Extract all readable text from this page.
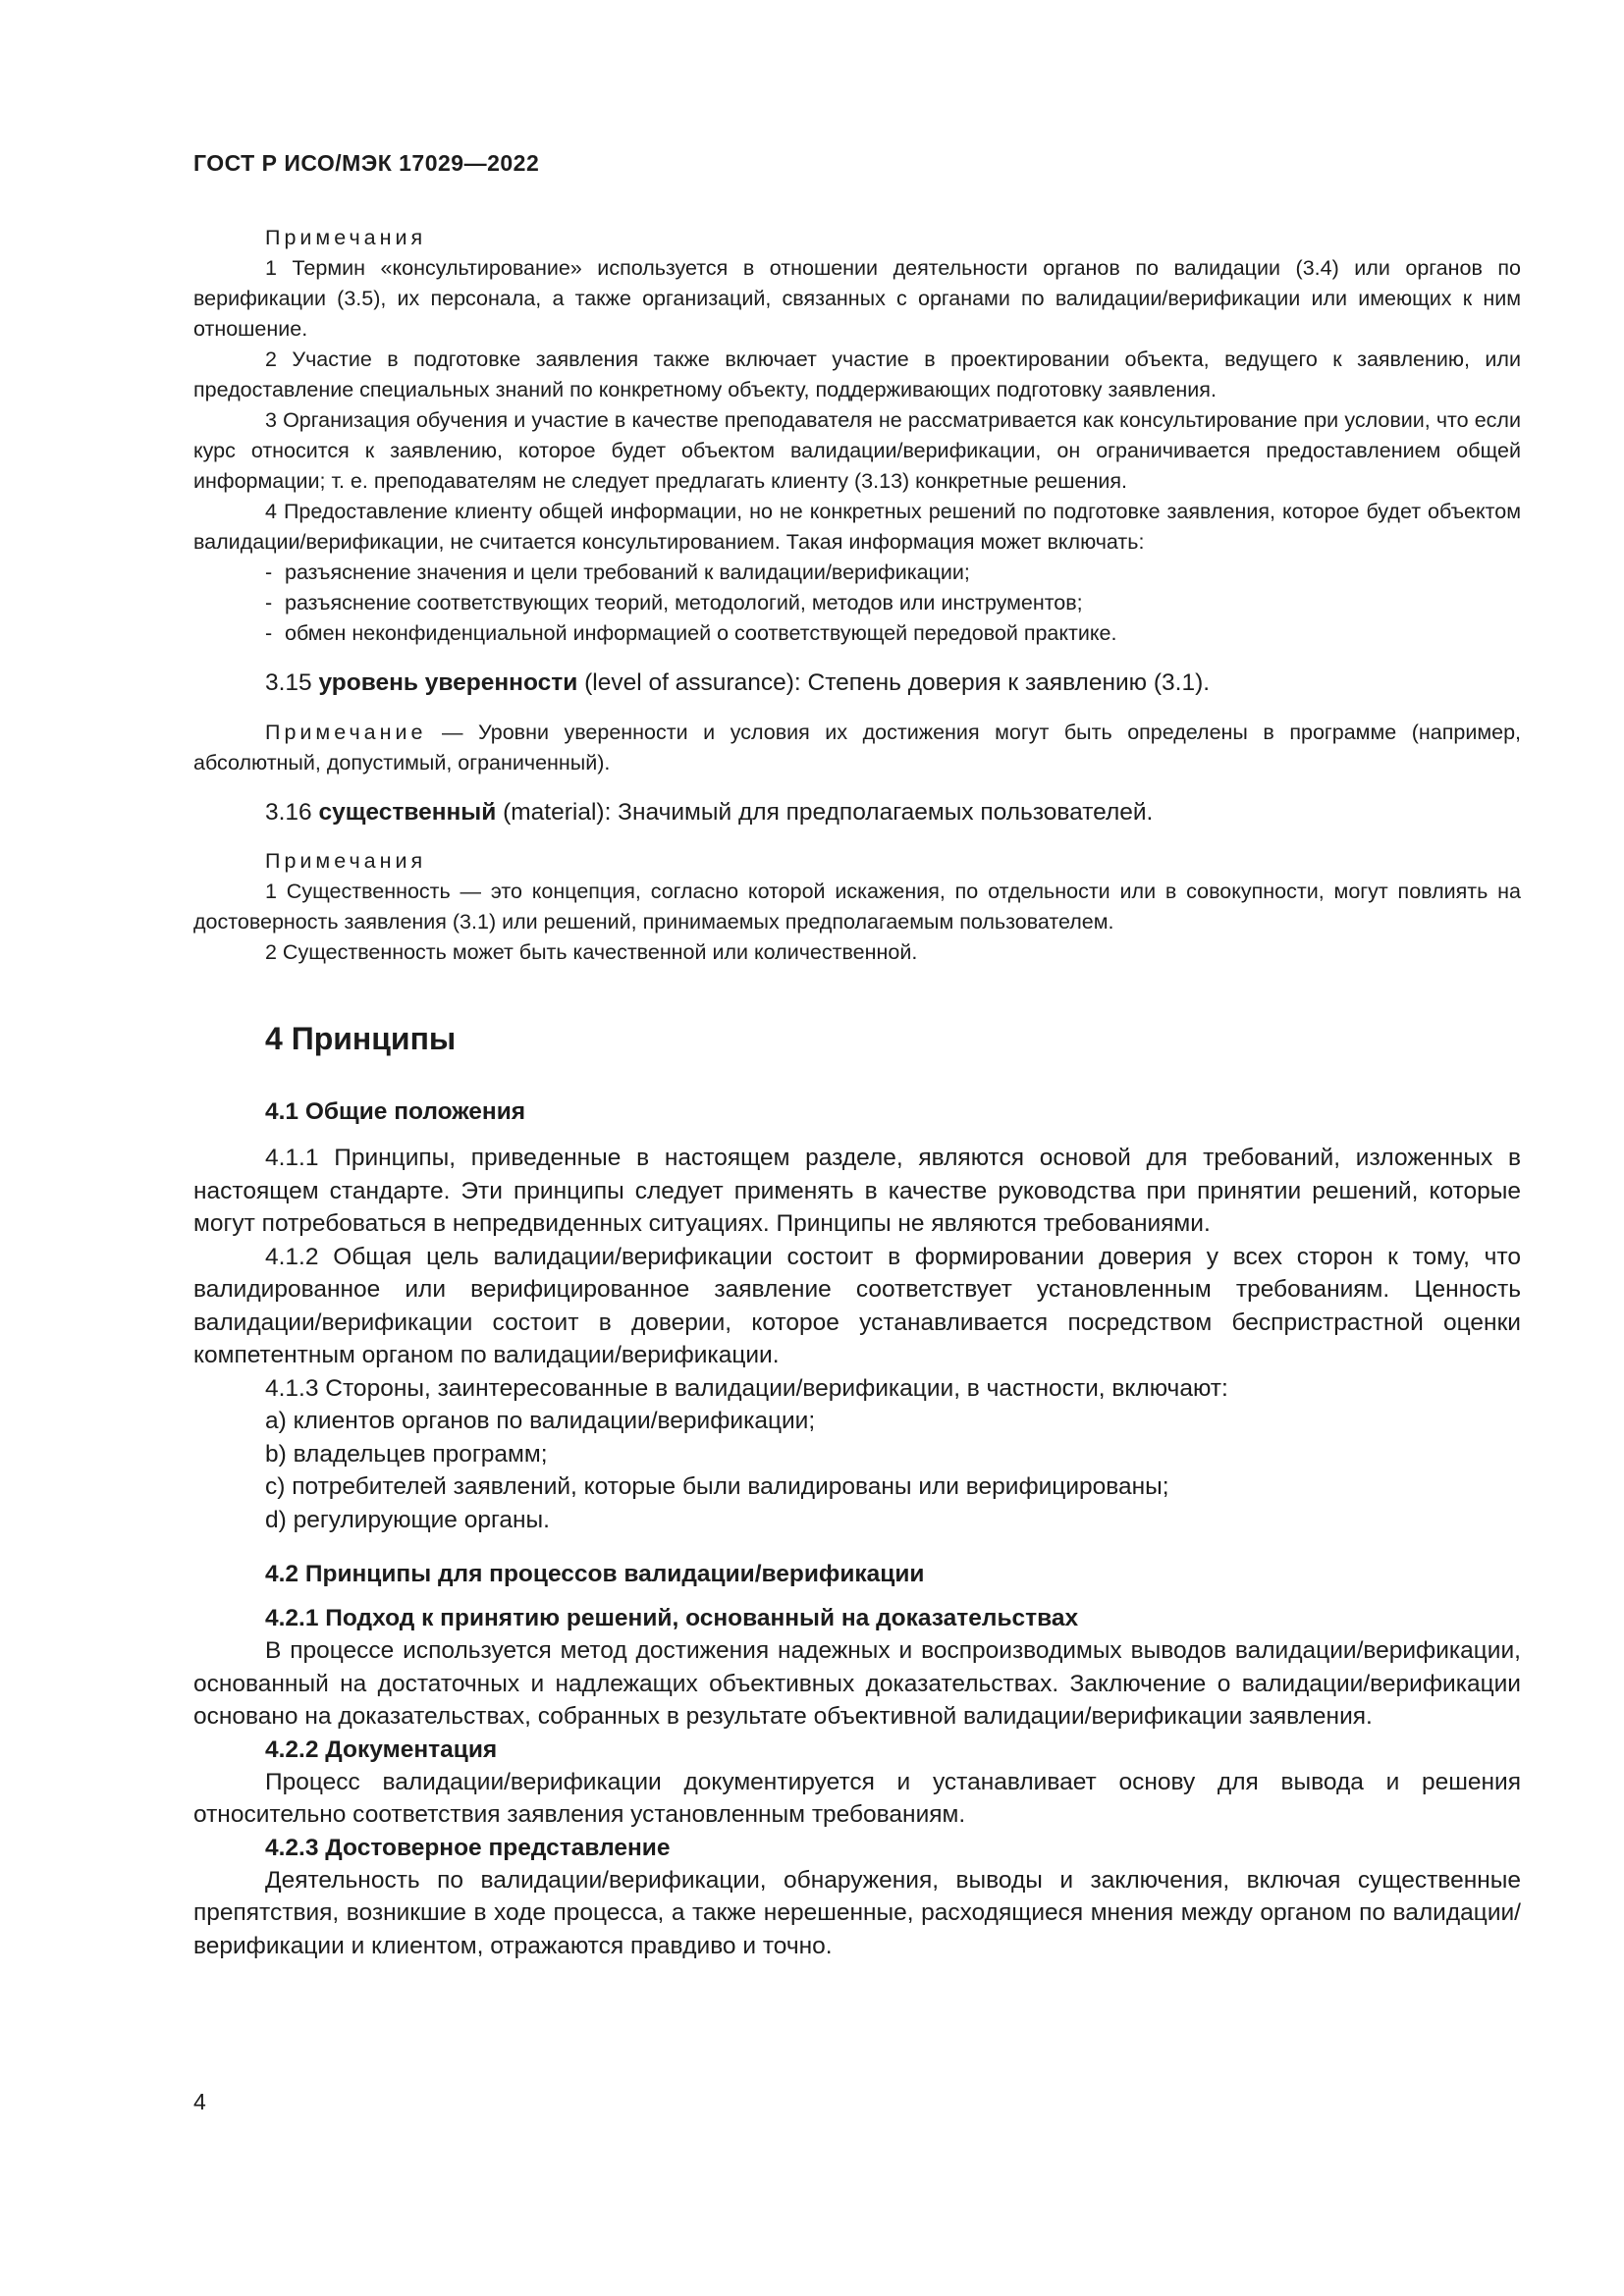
ГОСТ Р ИСО/МЭК 17029—2022

Примечания

1 Термин «консультирование» используется в отношении деятельности органов по валидации (3.4) или органов по верификации (3.5), их персонала, а также организаций, связанных с органами по валидации/верификации или имеющих к ним отношение.

2 Участие в подготовке заявления также включает участие в проектировании объекта, ведущего к заявлению, или предоставление специальных знаний по конкретному объекту, поддерживающих подготовку заявления.

3 Организация обучения и участие в качестве преподавателя не рассматривается как консультирование при условии, что если курс относится к заявлению, которое будет объектом валидации/верификации, он ограничивается предоставлением общей информации; т. е. преподавателям не следует предлагать клиенту (3.13) конкретные решения.

4 Предоставление клиенту общей информации, но не конкретных решений по подготовке заявления, которое будет объектом валидации/верификации, не считается консультированием. Такая информация может включать:

- разъяснение значения и цели требований к валидации/верификации;

- разъяснение соответствующих теорий, методологий, методов или инструментов;

- обмен неконфиденциальной информацией о соответствующей передовой практике.

3.15 уровень уверенности (level of assurance): Степень доверия к заявлению (3.1).

Примечание — Уровни уверенности и условия их достижения могут быть определены в программе (например, абсолютный, допустимый, ограниченный).

3.16 существенный (material): Значимый для предполагаемых пользователей.

Примечания

1 Существенность — это концепция, согласно которой искажения, по отдельности или в совокупности, могут повлиять на достоверность заявления (3.1) или решений, принимаемых предполагаемым пользователем.

2 Существенность может быть качественной или количественной.

4 Принципы
4.1 Общие положения

4.1.1 Принципы, приведенные в настоящем разделе, являются основой для требований, изложенных в настоящем стандарте. Эти принципы следует применять в качестве руководства при принятии решений, которые могут потребоваться в непредвиденных ситуациях. Принципы не являются требованиями.

4.1.2 Общая цель валидации/верификации состоит в формировании доверия у всех сторон к тому, что валидированное или верифицированное заявление соответствует установленным требованиям. Ценность валидации/верификации состоит в доверии, которое устанавливается посредством беспристрастной оценки компетентным органом по валидации/верификации.

4.1.3 Стороны, заинтересованные в валидации/верификации, в частности, включают:

a) клиентов органов по валидации/верификации;

b) владельцев программ;

c) потребителей заявлений, которые были валидированы или верифицированы;

d) регулирующие органы.

4.2 Принципы для процессов валидации/верификации
4.2.1 Подход к принятию решений, основанный на доказательствах

В процессе используется метод достижения надежных и воспроизводимых выводов валидации/верификации, основанный на достаточных и надлежащих объективных доказательствах. Заключение о валидации/верификации основано на доказательствах, собранных в результате объективной валидации/верификации заявления.

4.2.2 Документация

Процесс валидации/верификации документируется и устанавливает основу для вывода и решения относительно соответствия заявления установленным требованиям.

4.2.3 Достоверное представление

Деятельность по валидации/верификации, обнаружения, выводы и заключения, включая существенные препятствия, возникшие в ходе процесса, а также нерешенные, расходящиеся мнения между органом по валидации/верификации и клиентом, отражаются правдиво и точно.

4
